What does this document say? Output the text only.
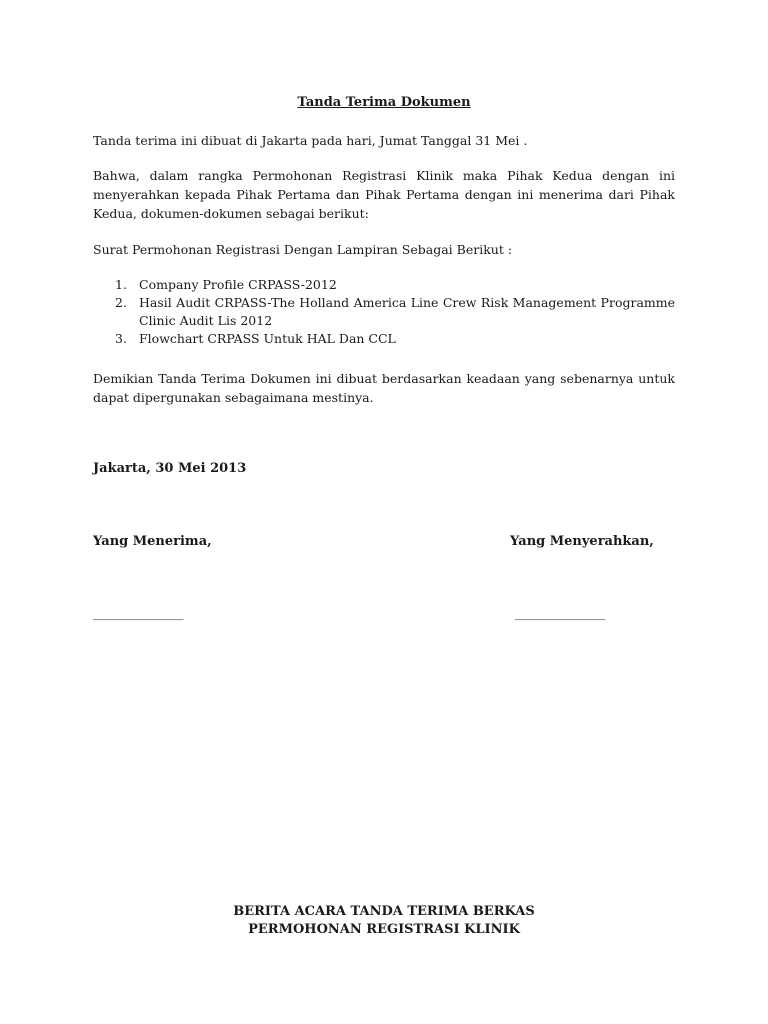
Tanda Terima Dokumen

Tanda terima ini dibuat di Jakarta pada hari, Jumat Tanggal 31 Mei .

Bahwa, dalam rangka Permohonan Registrasi Klinik maka Pihak Kedua dengan ini menyerahkan kepada Pihak Pertama dan Pihak Pertama dengan ini menerima dari Pihak Kedua, dokumen-dokumen sebagai berikut:

Surat Permohonan Registrasi Dengan Lampiran Sebagai Berikut :

1. Company Profile CRPASS-2012
2. Hasil Audit CRPASS-The Holland America Line Crew Risk Management Programme Clinic Audit Lis 2012
3. Flowchart CRPASS Untuk HAL Dan CCL

Demikian Tanda Terima Dokumen ini dibuat berdasarkan keadaan yang sebenarnya untuk dapat dipergunakan sebagaimana mestinya.

Jakarta, 30 Mei 2013
Yang Menerima,	Yang Menyerahkan,
_______________	_______________
BERITA ACARA TANDA TERIMA BERKAS
PERMOHONAN REGISTRASI KLINIK
